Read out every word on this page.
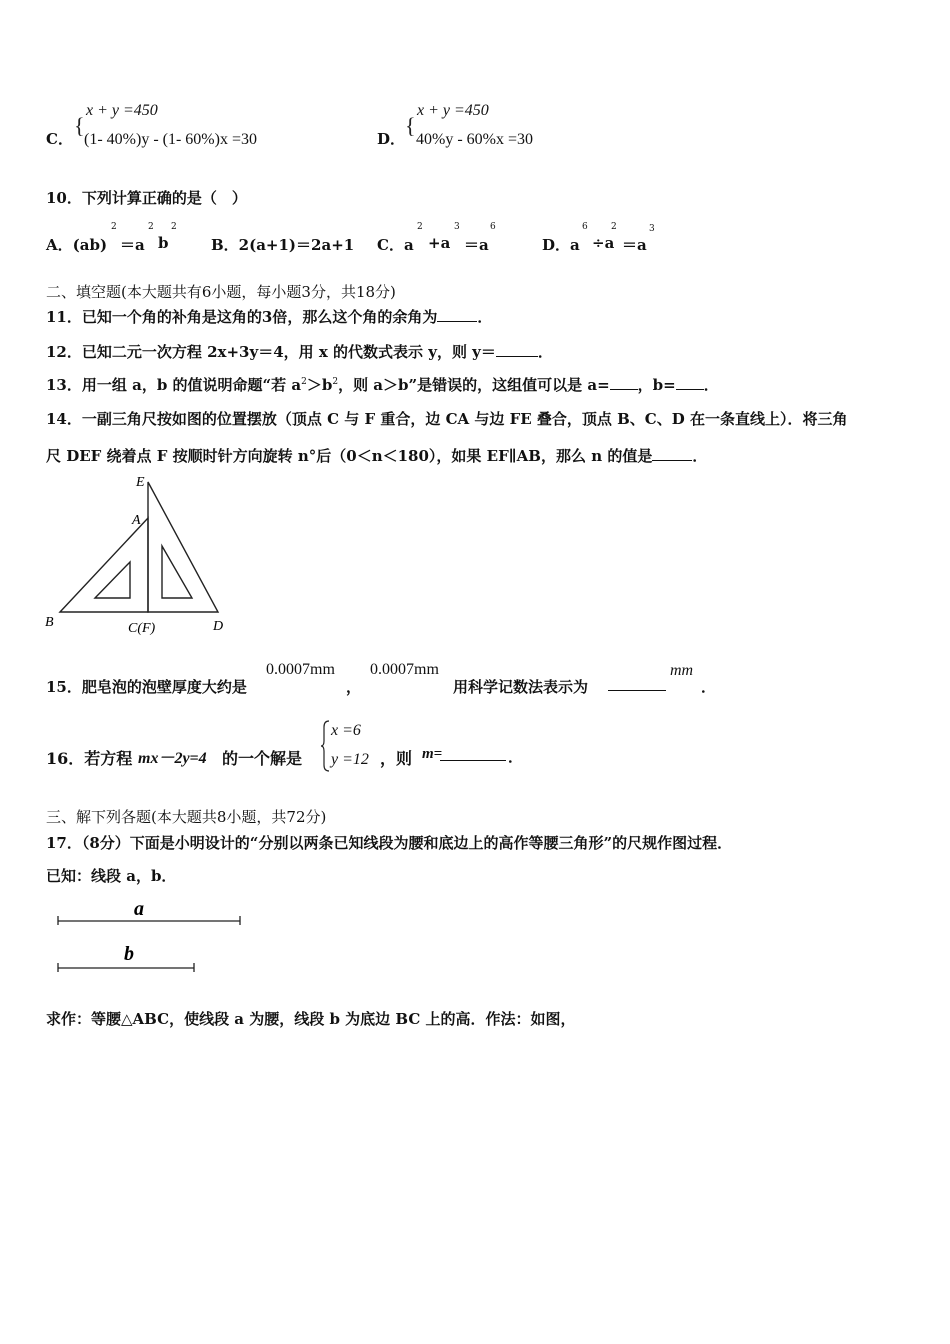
C．
{
x + y =450
(1- 40%)y - (1- 60%)x =30	D．
{
x + y =450
40%y - 60%x =30
10．下列计算正确的是（　）
A．(ab)
2
＝a
2
b
2
B．2(a+1)＝2a+1 C．a
2
+a
3
＝a
6
D．a
6
÷a
2
＝a
3
二、填空题(本大题共有6小题，每小题3分，共18分)
11．已知一个角的补角是这角的3倍，那么这个角的余角为	．
12．已知二元一次方程 2x+3y＝4，用 x 的代数式表示 y，则 y＝	．
13．用一组 a，b 的值说明命题“若 $a^2>b^2$，则 a＞b”是错误的，这组值可以是 a= ，b= ．
14．一副三角尺按如图的位置摆放（顶点 C 与 F 重合，边 CA 与边 FE 叠合，顶点 B、C、D 在一条直线上）．将三角
尺 DEF 绕着点 F 按顺时针方向旋转 n°后（0＜n＜180），如果 EF∥AB，那么 n 的值是	．
E
A
B	C(F)	D
15．肥皂泡的泡壁厚度大约是
0.0007mm
，
0.0007mm
用科学记数法表示为
mm
．
16．若方程 mx－2y=4 的一个解是
x =6
y =12 ，则 m=	．
三、解下列各题(本大题共8小题，共72分)
17．（8分）下面是小明设计的“分别以两条已知线段为腰和底边上的高作等腰三角形”的尺规作图过程．
已知：线段 a，b．
a
b
求作：等腰△ABC，使线段 a 为腰，线段 b 为底边 BC 上的高．作法：如图，
